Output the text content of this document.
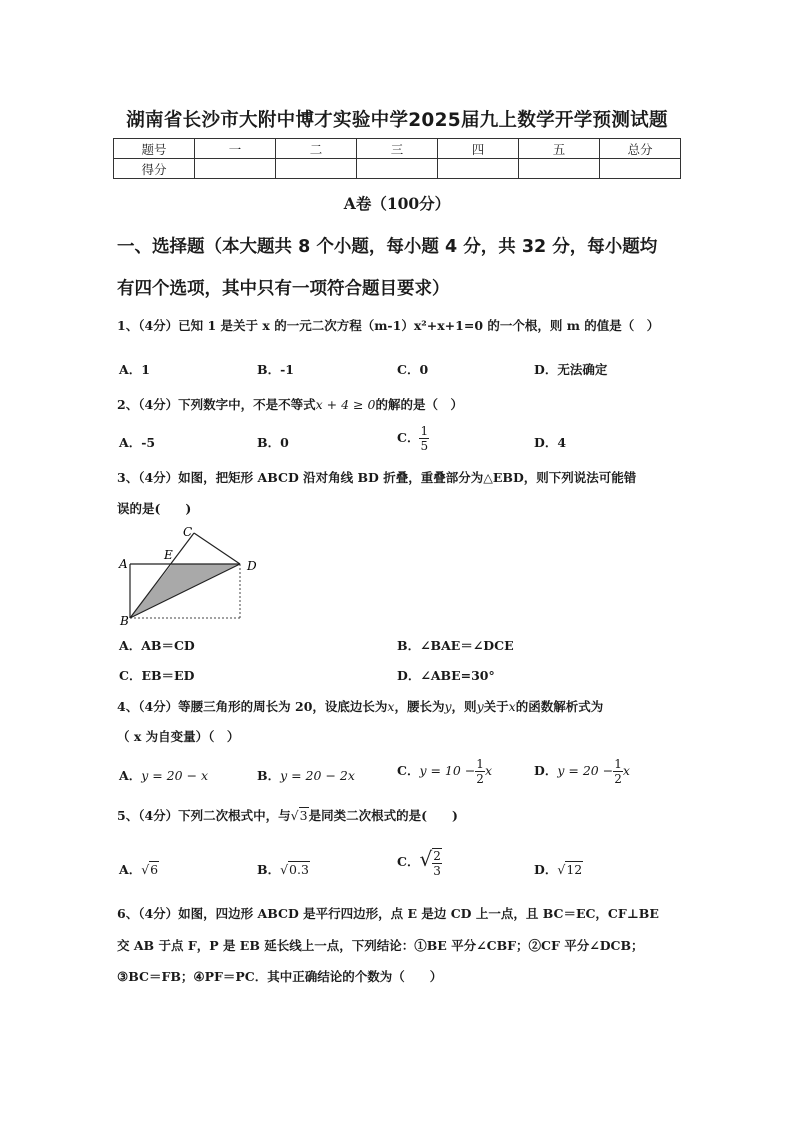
湖南省长沙市大附中博才实验中学2025届九上数学开学预测试题
题号	一	二	三	四	五	总分
得分						
A卷（100分）
一、选择题（本大题共 8 个小题，每小题 4 分，共 32 分，每小题均
有四个选项，其中只有一项符合题目要求）
1、（4分）已知 1 是关于 x 的一元二次方程（m-1）x²+x+1=0 的一个根，则 m 的值是（　）
A．1	B．-1	C．0	D．无法确定
2、（4分）下列数字中，不是不等式x + 4 ≥ 0的解的是（　）
A．-5	B．0	C． $\frac{1}{5}$	D．4
3、（4分）如图，把矩形 ABCD 沿对角线 BD 折叠，重叠部分为△EBD，则下列说法可能错
误的是(　　)
A
B
C
D
E
A．AB＝CD	B．∠BAE＝∠DCE
C．EB＝ED	D．∠ABE=30°
4、（4分）等腰三角形的周长为 20，设底边长为x，腰长为y，则y关于x的函数解析式为
（ x 为自变量）（　）
A．y = 20 − x	B．y = 20 − 2x	C．$y = 10 - \frac{1}{2}$ x	D．$y = 20 - \frac{1}{2}$ x
5、（4分）下列二次根式中，与√3是同类二次根式的是(　　)
A．√6	B．√0.3
C．√ $\frac{2}{3}$	D．√12
6、（4分）如图，四边形 ABCD 是平行四边形，点 E 是边 CD 上一点，且 BC＝EC，CF⊥BE
交 AB 于点 F，P 是 EB 延长线上一点，下列结论：①BE 平分∠CBF；②CF 平分∠DCB；
③BC＝FB；④PF＝PC．其中正确结论的个数为（　　）
